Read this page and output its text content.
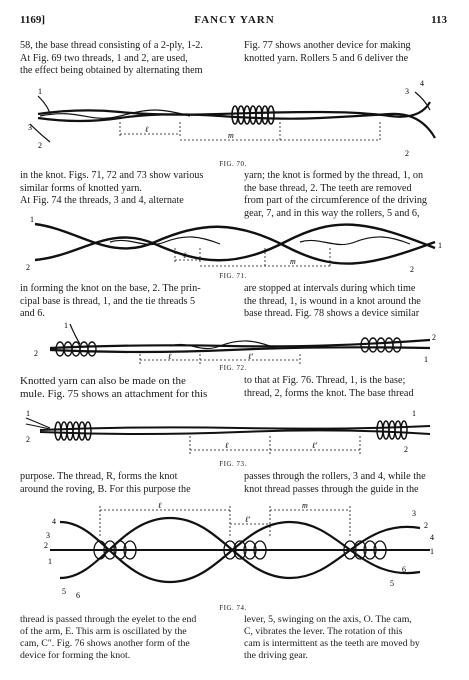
1169]	FANCY YARN	113
58, the base thread consisting of a 2-ply, 1-2.
At Fig. 69 two threads, 1 and 2, are used,
the effect being obtained by alternating them
Fig. 77 shows another device for making
knotted yarn. Rollers 5 and 6 deliver the
1
2
3
4
3
2
ℓ
m
FIG. 70.
in the knot. Figs. 71, 72 and 73 show various
similar forms of knotted yarn.
At Fig. 74 the threads, 3 and 4, alternate
yarn; the knot is formed by the thread, 1, on
the base thread, 2. The teeth are removed
from part of the circumference of the driving
gear, 7, and in this way the rollers, 5 and 6,
1
2
ℓ
m
1
2
FIG. 71.
in forming the knot on the base, 2. The prin-
cipal base is thread, 1, and the tie threads 5
and 6.
are stopped at intervals during which time
the thread, 1, is wound in a knot around the
base thread. Fig. 78 shows a device similar
1
2	ℓ	ℓ'
2
1
FIG. 72.
Knotted yarn can also be made on the
mule. Fig. 75 shows an attachment for this
to that at Fig. 76. Thread, 1, is the base;
thread, 2, forms the knot. The base thread
1
2
ℓ	ℓ'	2
1
FIG. 73.
purpose. The thread, R, forms the knot
around the roving, B. For this purpose the
passes through the rollers, 3 and 4, while the
knot thread passes through the guide in the
4
3
2
1
5 6
ℓ
ℓ'
m
3
2
4
1
6
5
FIG. 74.
thread is passed through the eyelet to the end
of the arm, E. This arm is oscillated by the
cam, C". Fig. 76 shows another form of the
device for forming the knot.
lever, 5, swinging on the axis, O. The cam,
C, vibrates the lever. The rotation of this
cam is intermittent as the teeth are moved by
the driving gear.
